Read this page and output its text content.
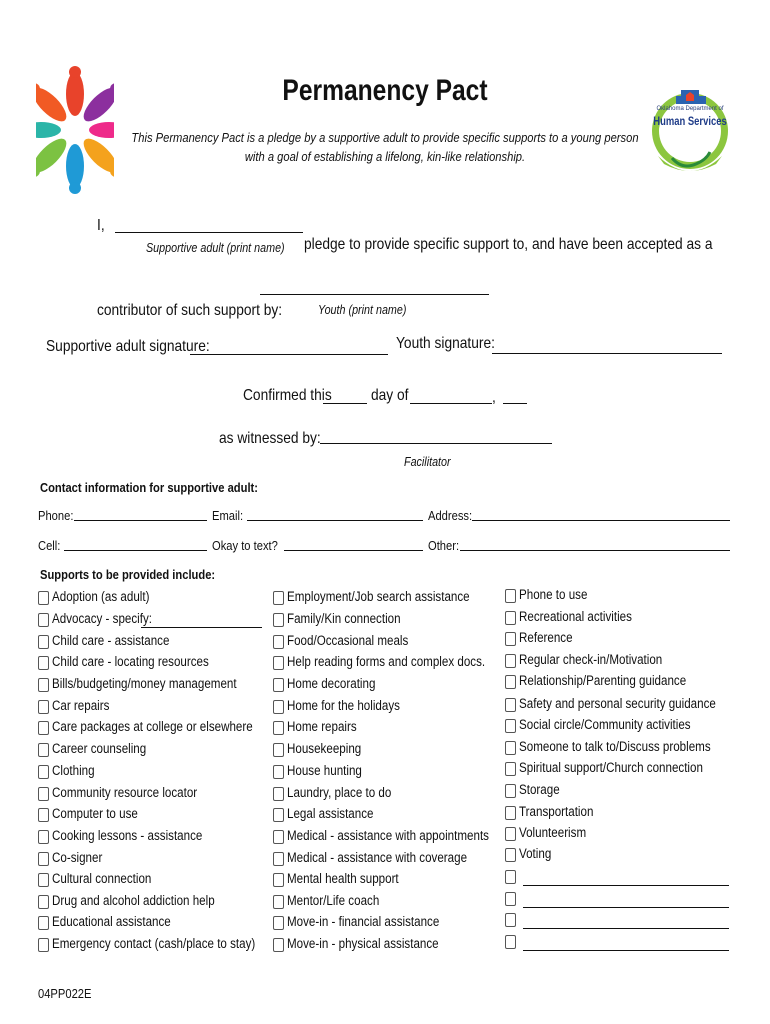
Oklahoma Department of
Human Services
Permanency Pact
This Permanency Pact is a pledge by a supportive adult to provide specific supports to a young person
with a goal of establishing a lifelong, kin-like relationship.
I,
Supportive adult (print name) pledge to provide specific support to, and have been accepted as a
contributor of such support by:	Youth (print name)
Supportive adult signature:	Youth signature:
Confirmed this day of	,
as witnessed by:
Facilitator
Contact information for supportive adult:
Phone:	Email:	Address:
Cell:	Okay to text?	Other:
Supports to be provided include:
Adoption (as adult)
Advocacy - specify:
Child care - assistance
Child care - locating resources
Bills/budgeting/money management
Car repairs
Care packages at college or elsewhere
Career counseling
Clothing
Community resource locator
Computer to use
Cooking lessons - assistance
Co-signer
Cultural connection
Drug and alcohol addiction help
Educational assistance
Emergency contact (cash/place to stay)
Employment/Job search assistance
Family/Kin connection
Food/Occasional meals
Help reading forms and complex docs.
Home decorating
Home for the holidays
Home repairs
Housekeeping
House hunting
Laundry, place to do
Legal assistance
Medical - assistance with appointments
Medical - assistance with coverage
Mental health support
Mentor/Life coach
Move-in - financial assistance
Move-in - physical assistance
Phone to use
Recreational activities
Reference
Regular check-in/Motivation
Relationship/Parenting guidance
Safety and personal security guidance
Social circle/Community activities
Someone to talk to/Discuss problems
Spiritual support/Church connection
Storage
Transportation
Volunteerism
Voting
04PP022E
